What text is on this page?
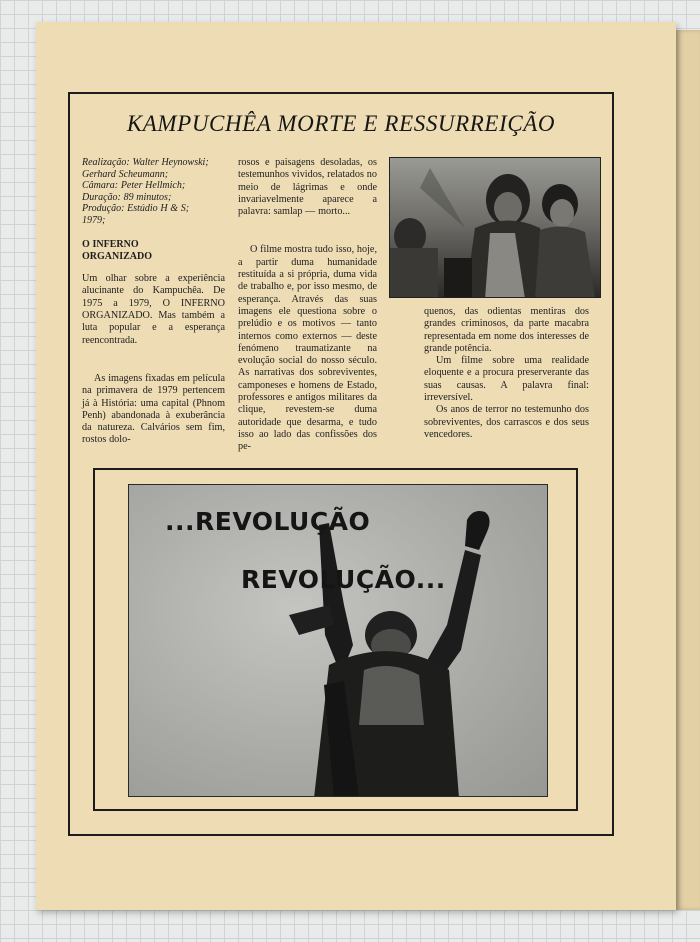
KAMPUCHÊA MORTE E RESSURREIÇÃO

Realização: Walter Heynowski;
Gerhard Scheumann;
Câmara: Peter Hellmich;
Duração: 89 minutos;
Produção: Estúdio H & S;
1979;

O INFERNO
ORGANIZADO

Um olhar sobre a experiência alucinante do Kampuchêa. De 1975 a 1979, O INFERNO ORGANIZADO. Mas também a luta popular e a esperança reencontrada.

As imagens fixadas em película na primavera de 1979 pertencem já à História: uma capital (Phnom Penh) abandonada à exuberância da natureza. Calvários sem fim, rostos dolo-

rosos e paisagens desoladas, os testemunhos vividos, relatados no meio de lágrimas e onde invariavelmente aparece a palavra: samlap — morto...

O filme mostra tudo isso, hoje, a partir duma humanidade restituída a si própria, duma vida de trabalho e, por isso mesmo, de esperança. Através das suas imagens ele questiona sobre o prelúdio e os motivos — tanto internos como externos — deste fenómeno traumatizante na evolução social do nosso século. As narrativas dos sobreviventes, camponeses e homens de Estado, professores e antigos militares da clique, revestem-se duma autoridade que desarma, e tudo isso ao lado das confissões dos pe-

quenos, das odientas mentiras dos grandes criminosos, da parte macabra representada em nome dos interesses de grande potência.

Um filme sobre uma realidade eloquente e a procura preserverante das suas causas. A palavra final: irreversível.

Os anos de terror no testemunho dos sobreviventes, dos carrascos e dos seus vencedores.

...REVOLUÇÃO
REVOLUÇÃO...
